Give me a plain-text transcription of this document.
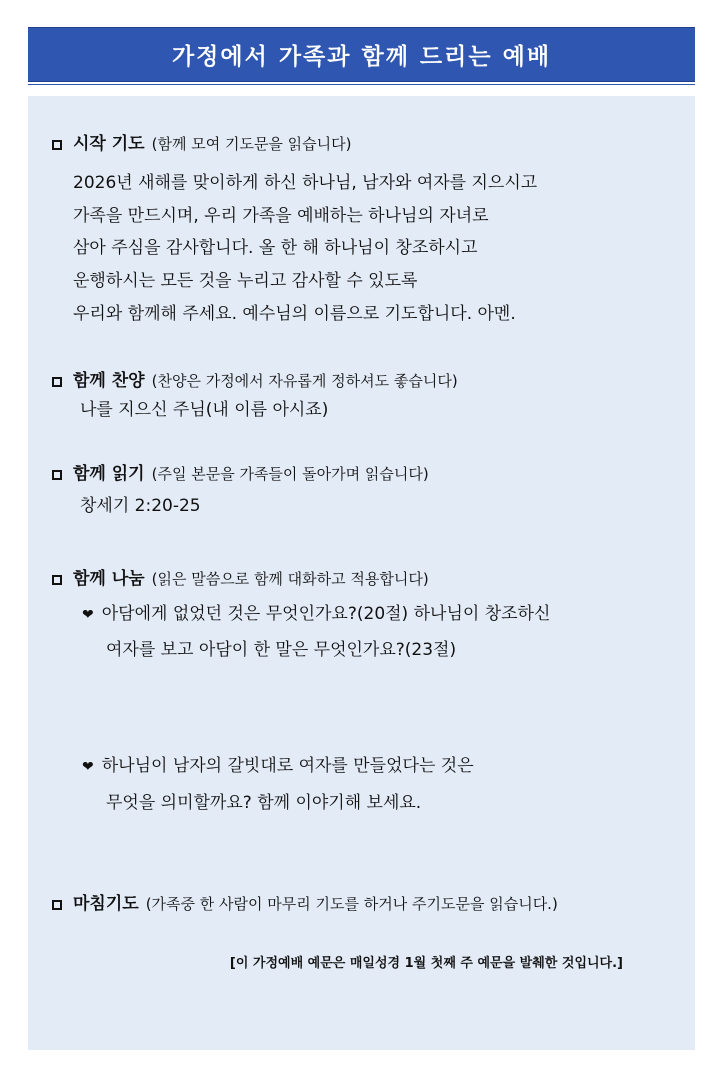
가정에서 가족과 함께 드리는 예배
시작 기도 (함께 모여 기도문을 읽습니다)
2026년 새해를 맞이하게 하신 하나님, 남자와 여자를 지으시고
가족을 만드시며, 우리 가족을 예배하는 하나님의 자녀로
삼아 주심을 감사합니다. 올 한 해 하나님이 창조하시고
운행하시는 모든 것을 누리고 감사할 수 있도록
우리와 함께해 주세요. 예수님의 이름으로 기도합니다. 아멘.
함께 찬양 (찬양은 가정에서 자유롭게 정하셔도 좋습니다)
나를 지으신 주님(내 이름 아시죠)
함께 읽기 (주일 본문을 가족들이 돌아가며 읽습니다)
창세기 2:20-25
함께 나눔 (읽은 말씀으로 함께 대화하고 적용합니다)
❤ 아담에게 없었던 것은 무엇인가요?(20절) 하나님이 창조하신
여자를 보고 아담이 한 말은 무엇인가요?(23절)
❤ 하나님이 남자의 갈빗대로 여자를 만들었다는 것은
무엇을 의미할까요? 함께 이야기해 보세요.
마침기도 (가족중 한 사람이 마무리 기도를 하거나 주기도문을 읽습니다.)
[이 가정예배 예문은 매일성경 1월 첫째 주 예문을 발췌한 것입니다.]
